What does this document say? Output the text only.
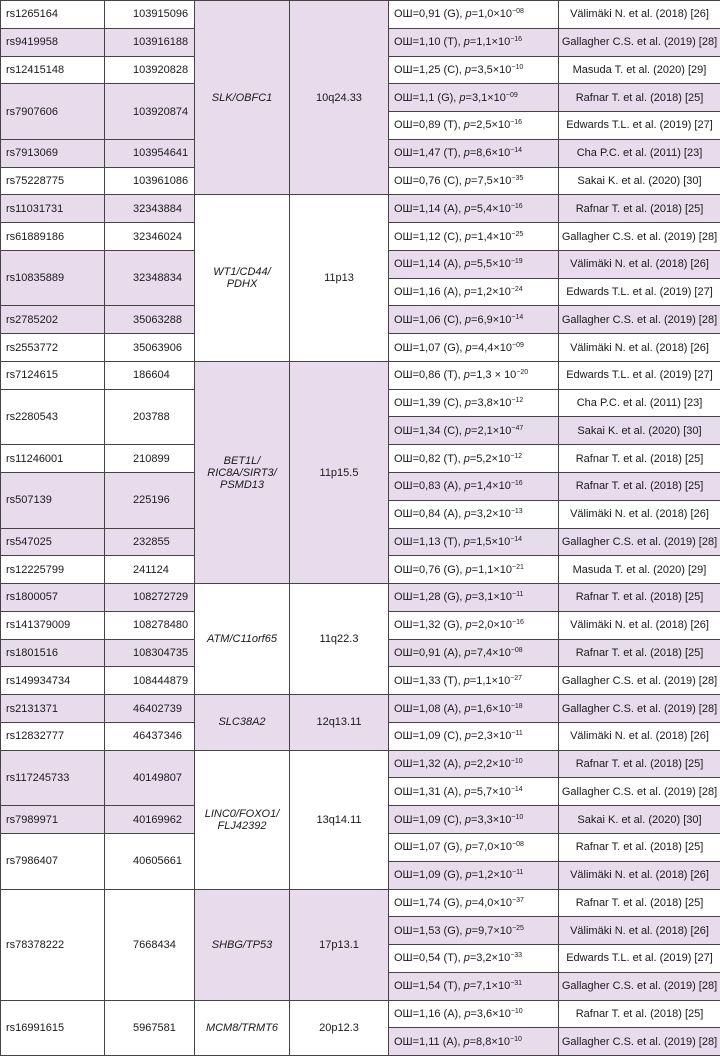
rs1265164	103915096	SLK/OBFC1	10q24.33	ОШ=0,91 (G), $p=1,0\times 10^{-08}$	Välimäki N. et al. (2018) [26]
rs9419958	103916188			ОШ=1,10 (T), $p=1,1\times 10^{-16}$	Gallagher C.S. et al. (2019) [28]
rs12415148	103920828			ОШ=1,25 (C), $p=3,5\times 10^{-10}$	Masuda T. et al. (2020) [29]
rs7907606	103920874			ОШ=1,1 (G), $p=3,1\times 10^{-09}$	Rafnar T. et al. (2018) [25]
				ОШ=0,89 (T), $p=2,5\times 10^{-16}$	Edwards T.L. et al. (2019) [27]
rs7913069	103954641			ОШ=1,47 (T), $p=8,6\times 10^{-14}$	Cha P.C. et al. (2011) [23]
rs75228775	103961086			ОШ=0,76 (C), $p=7,5\times 10^{-35}$	Sakai K. et al. (2020) [30]
rs11031731	32343884	WT1/CD44/ PDHX	11p13	ОШ=1,14 (A), $p=5,4\times 10^{-16}$	Rafnar T. et al. (2018) [25]
rs61889186	32346024			ОШ=1,12 (C), $p=1,4\times 10^{-25}$	Gallagher C.S. et al. (2019) [28]
rs10835889	32348834			ОШ=1,14 (A), $p=5,5\times 10^{-19}$	Välimäki N. et al. (2018) [26]
				ОШ=1,16 (A), $p=1,2\times 10^{-24}$	Edwards T.L. et al. (2019) [27]
rs2785202	35063288			ОШ=1,06 (C), $p=6,9\times 10^{-14}$	Gallagher C.S. et al. (2019) [28]
rs2553772	35063906			ОШ=1,07 (G), $p=4,4\times 10^{-09}$	Välimäki N. et al. (2018) [26]
rs7124615	186604	BET1L/ RIC8A/SIRT3/ PSMD13	11p15.5	ОШ=0,86 (T), $p=1,3 \times 10^{-20}$	Edwards T.L. et al. (2019) [27]
rs2280543	203788			ОШ=1,39 (C), $p=3,8\times 10^{-12}$	Cha P.C. et al. (2011) [23]
				ОШ=1,34 (C), $p=2,1\times 10^{-47}$	Sakai K. et al. (2020) [30]
rs11246001	210899			ОШ=0,82 (T), $p=5,2\times 10^{-12}$	Rafnar T. et al. (2018) [25]
rs507139	225196			ОШ=0,83 (A), $p=1,4\times 10^{-16}$	Rafnar T. et al. (2018) [25]
				ОШ=0,84 (A), $p=3,2\times 10^{-13}$	Välimäki N. et al. (2018) [26]
rs547025	232855			ОШ=1,13 (T), $p=1,5\times 10^{-14}$	Gallagher C.S. et al. (2019) [28]
rs12225799	241124			ОШ=0,76 (G), $p=1,1\times 10^{-21}$	Masuda T. et al. (2020) [29]
rs1800057	108272729	ATM/C11orf65	11q22.3	ОШ=1,28 (G), $p=3,1\times 10^{-11}$	Rafnar T. et al. (2018) [25]
rs141379009	108278480			ОШ=1,32 (G), $p=2,0\times 10^{-16}$	Välimäki N. et al. (2018) [26]
rs1801516	108304735			ОШ=0,91 (A), $p=7,4\times 10^{-08}$	Rafnar T. et al. (2018) [25]
rs149934734	108444879			ОШ=1,33 (T), $p=1,1\times 10^{-27}$	Gallagher C.S. et al. (2019) [28]
rs2131371	46402739	SLC38A2	12q13.11	ОШ=1,08 (A), $p=1,6\times 10^{-18}$	Gallagher C.S. et al. (2019) [28]
rs12832777	46437346			ОШ=1,09 (C), $p=2,3\times 10^{-11}$	Välimäki N. et al. (2018) [26]
rs117245733	40149807	LINC0/FOXO1/ FLJ42392	13q14.11	ОШ=1,32 (A), $p=2,2\times 10^{-10}$	Rafnar T. et al. (2018) [25]
				ОШ=1,31 (A), $p=5,7\times 10^{-14}$	Gallagher C.S. et al. (2019) [28]
rs7989971	40169962			ОШ=1,09 (C), $p=3,3\times 10^{-10}$	Sakai K. et al. (2020) [30]
rs7986407	40605661			ОШ=1,07 (G), $p=7,0\times 10^{-08}$	Rafnar T. et al. (2018) [25]
				ОШ=1,09 (G), $p=1,2\times 10^{-11}$	Välimäki N. et al. (2018) [26]
rs78378222	7668434	SHBG/TP53	17p13.1	ОШ=1,74 (G), $p=4,0\times 10^{-37}$	Rafnar T. et al. (2018) [25]
				ОШ=1,53 (G), $p=9,7\times 10^{-25}$	Välimäki N. et al. (2018) [26]
				ОШ=0,54 (T), $p=3,2\times 10^{-33}$	Edwards T.L. et al. (2019) [27]
				ОШ=1,54 (T), $p=7,1\times 10^{-31}$	Gallagher C.S. et al. (2019) [28]
rs16991615	5967581	MCM8/TRMT6	20p12.3	ОШ=1,16 (A), $p=3,6\times 10^{-10}$	Rafnar T. et al. (2018) [25]
				ОШ=1,11 (A), $p=8,8\times 10^{-10}$	Gallagher C.S. et al. (2019) [28]
